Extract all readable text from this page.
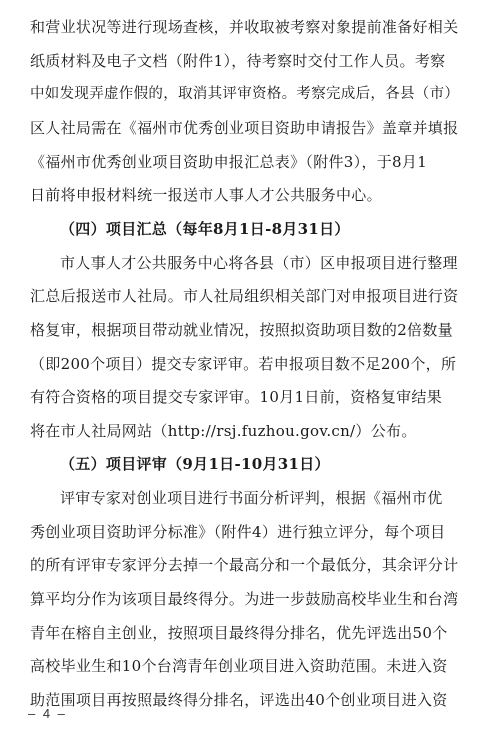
和营业状况等进行现场查核，并收取被考察对象提前准备好相关
纸质材料及电子文档（附件1），待考察时交付工作人员。考察
中如发现弄虚作假的，取消其评审资格。考察完成后，各县（市）
区人社局需在《福州市优秀创业项目资助申请报告》盖章并填报
《福州市优秀创业项目资助申报汇总表》（附件3），于8月1
日前将申报材料统一报送市人事人才公共服务中心。
（四）项目汇总（每年8月1日-8月31日）
市人事人才公共服务中心将各县（市）区申报项目进行整理
汇总后报送市人社局。市人社局组织相关部门对申报项目进行资
格复审，根据项目带动就业情况，按照拟资助项目数的2倍数量
（即200个项目）提交专家评审。若申报项目数不足200个，所
有符合资格的项目提交专家评审。10月1日前，资格复审结果
将在市人社局网站（http://rsj.fuzhou.gov.cn/）公布。
（五）项目评审（9月1日-10月31日）
评审专家对创业项目进行书面分析评判，根据《福州市优
秀创业项目资助评分标准》（附件4）进行独立评分，每个项目
的所有评审专家评分去掉一个最高分和一个最低分，其余评分计
算平均分作为该项目最终得分。为进一步鼓励高校毕业生和台湾
青年在榕自主创业，按照项目最终得分排名，优先评选出50个
高校毕业生和10个台湾青年创业项目进入资助范围。未进入资
助范围项目再按照最终得分排名，评选出40个创业项目进入资
– 4 –
